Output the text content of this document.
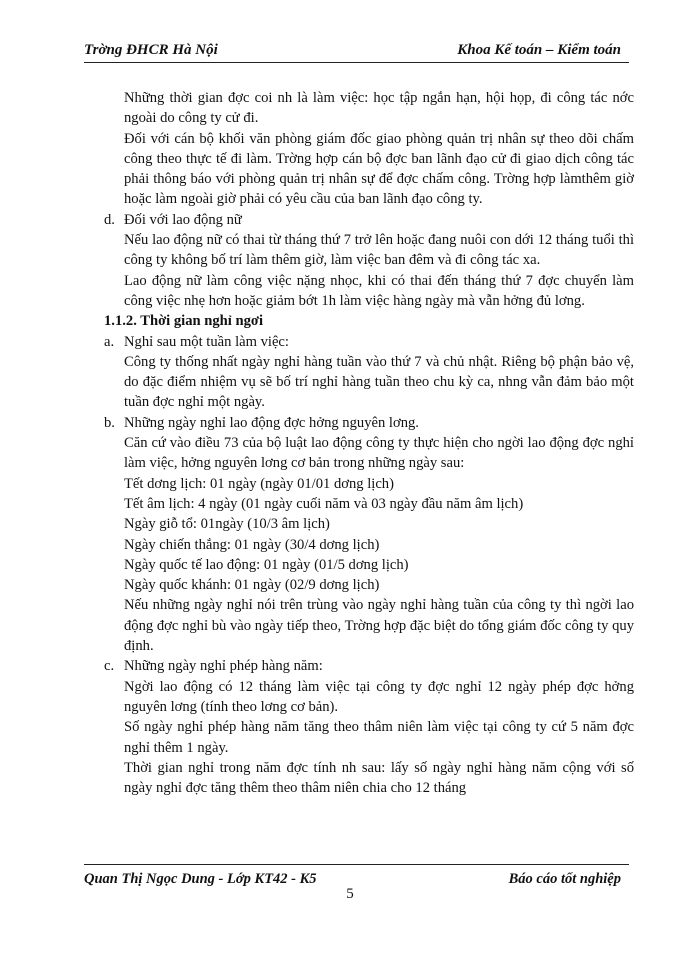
Trờng ĐHCR Hà Nội	Khoa Kế toán – Kiểm toán

Những thời gian đợc coi nh là làm việc: học tập ngắn hạn, hội họp, đi công tác nớc ngoài do công ty cử đi.

Đối với cán bộ khối văn phòng giám đốc giao phòng quản trị nhân sự theo dõi chấm công theo thực tế đi làm. Trờng hợp cán bộ đợc ban lãnh đạo cử đi giao dịch công tác phải thông báo với phòng quản trị nhân sự để đợc chấm công. Trờng hợp làmthêm giờ hoặc làm ngoài giờ phải có yêu cầu của ban lãnh đạo công ty.

d. Đối với lao động nữ

Nếu lao động nữ có thai từ tháng thứ 7 trở lên hoặc đang nuôi con dới 12 tháng tuổi thì công ty không bố trí làm thêm giờ, làm việc ban đêm và đi công tác xa.

Lao động nữ làm công việc nặng nhọc, khi có thai đến tháng thứ 7 đợc chuyển làm công việc nhẹ hơn hoặc giảm bớt 1h làm việc hàng ngày mà vẫn hởng đủ lơng.

1.1.2. Thời gian nghỉ ngơi

a. Nghỉ sau một tuần làm việc:

Công ty thống nhất ngày nghỉ hàng tuần vào thứ 7 và chủ nhật. Riêng bộ phận bảo vệ, do đặc điểm nhiệm vụ sẽ bố trí nghỉ hàng tuần theo chu kỳ ca, nhng vẫn đảm bảo một tuần đợc nghỉ một ngày.

b. Những ngày nghỉ lao động đợc hởng nguyên lơng.

Căn cứ vào điều 73 của bộ luật lao động công ty thực hiện cho ngời lao động đợc nghỉ làm việc, hởng nguyên lơng cơ bản trong những ngày sau:

Tết dơng lịch: 01 ngày (ngày 01/01 dơng lịch)

Tết âm lịch: 4 ngày (01 ngày cuối năm và 03 ngày đầu năm âm lịch)

Ngày giỗ tổ: 01ngày (10/3 âm lịch)

Ngày chiến thắng: 01 ngày (30/4 dơng lịch)

Ngày quốc tế lao động: 01 ngày (01/5 dơng lịch)

Ngày quốc khánh: 01 ngày (02/9 dơng lịch)

Nếu những ngày nghỉ nói trên trùng vào ngày nghỉ hàng tuần của công ty thì ngời lao động đợc nghỉ bù vào ngày tiếp theo, Trờng hợp đặc biệt do tổng giám đốc công ty quy định.

c. Những ngày nghỉ phép hàng năm:

Ngời lao động có 12 tháng làm việc tại công ty đợc nghỉ 12 ngày phép đợc hởng nguyên lơng (tính theo lơng cơ bản).

Số ngày nghỉ phép hàng năm tăng theo thâm niên làm việc tại công ty cứ 5 năm đợc nghỉ thêm 1 ngày.

Thời gian nghỉ trong năm đợc tính nh sau: lấy số ngày nghỉ hàng năm cộng với số ngày nghỉ đợc tăng thêm theo thâm niên chia cho 12 tháng

Quan Thị Ngọc Dung - Lớp KT42 - K5	Báo cáo tốt nghiệp
5
